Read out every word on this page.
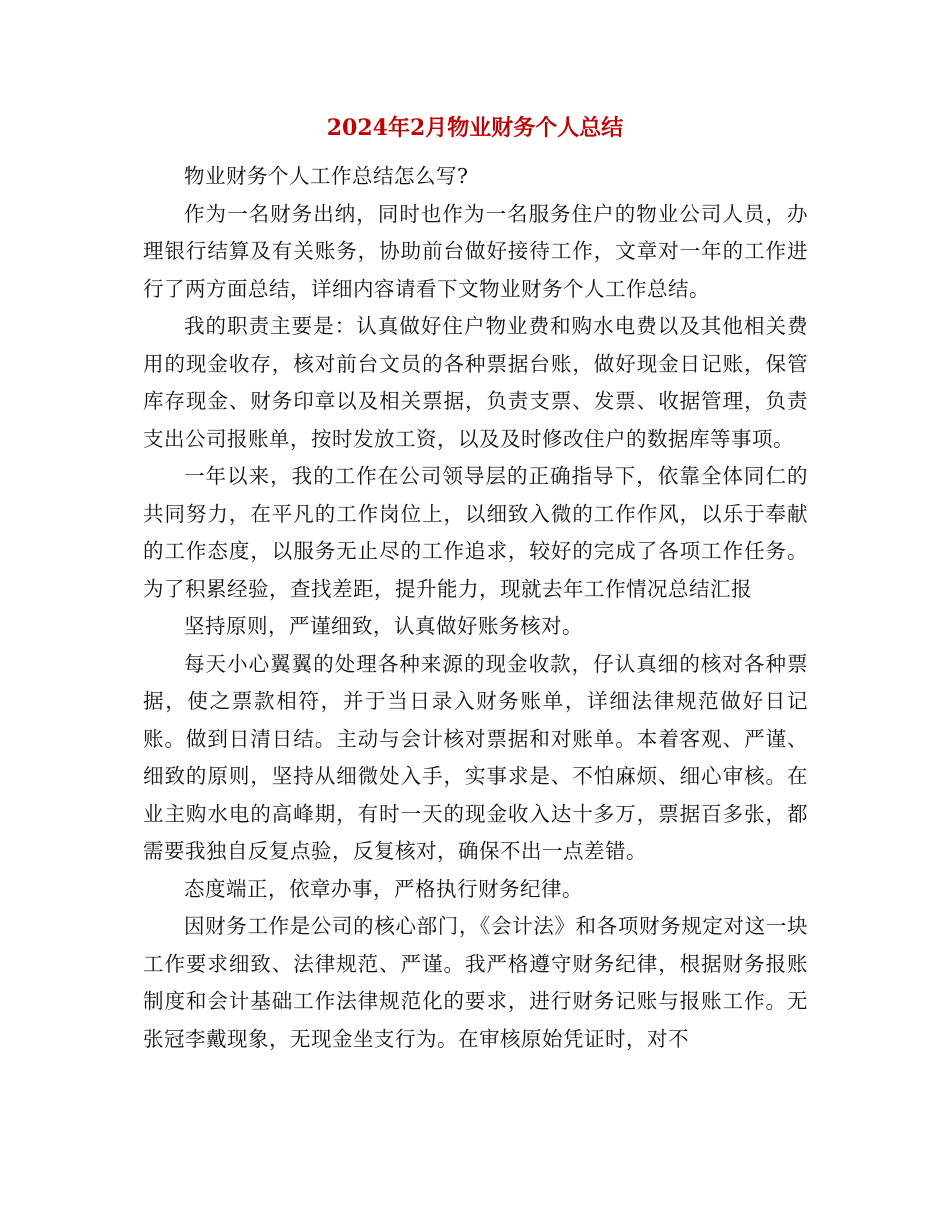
2024年2月物业财务个人总结

物业财务个人工作总结怎么写?

作为一名财务出纳，同时也作为一名服务住户的物业公司人员，办理银行结算及有关账务，协助前台做好接待工作，文章对一年的工作进行了两方面总结，详细内容请看下文物业财务个人工作总结。

我的职责主要是：认真做好住户物业费和购水电费以及其他相关费用的现金收存，核对前台文员的各种票据台账，做好现金日记账，保管库存现金、财务印章以及相关票据，负责支票、发票、收据管理，负责支出公司报账单，按时发放工资，以及及时修改住户的数据库等事项。

一年以来，我的工作在公司领导层的正确指导下，依靠全体同仁的共同努力，在平凡的工作岗位上，以细致入微的工作作风，以乐于奉献的工作态度，以服务无止尽的工作追求，较好的完成了各项工作任务。为了积累经验，查找差距，提升能力，现就去年工作情况总结汇报

坚持原则，严谨细致，认真做好账务核对。

每天小心翼翼的处理各种来源的现金收款，仔认真细的核对各种票据，使之票款相符，并于当日录入财务账单，详细法律规范做好日记账。做到日清日结。主动与会计核对票据和对账单。本着客观、严谨、细致的原则，坚持从细微处入手，实事求是、不怕麻烦、细心审核。在业主购水电的高峰期，有时一天的现金收入达十多万，票据百多张，都需要我独自反复点验，反复核对，确保不出一点差错。

态度端正，依章办事，严格执行财务纪律。

因财务工作是公司的核心部门，《会计法》和各项财务规定对这一块工作要求细致、法律规范、严谨。我严格遵守财务纪律，根据财务报账制度和会计基础工作法律规范化的要求，进行财务记账与报账工作。无张冠李戴现象，无现金坐支行为。在审核原始凭证时，对不
